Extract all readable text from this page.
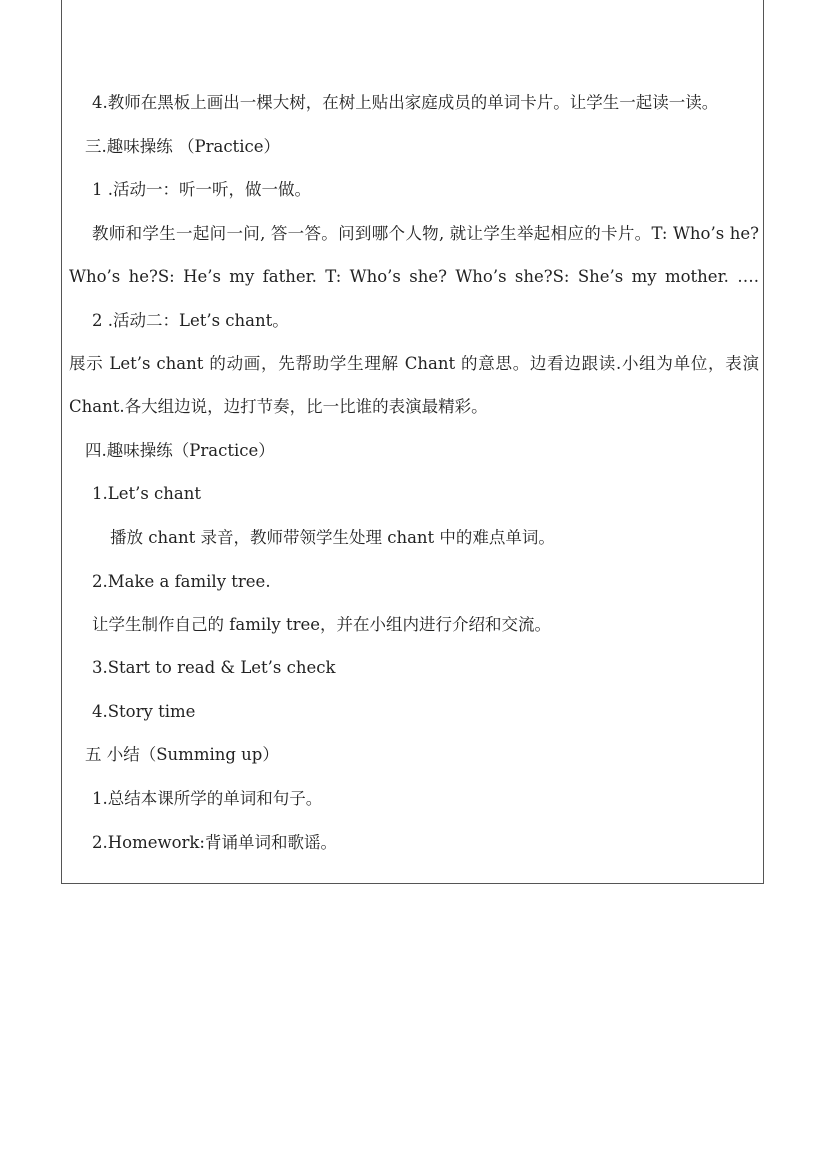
4.教师在黑板上画出一棵大树，在树上贴出家庭成员的单词卡片。让学生一起读一读。
三.趣味操练 （Practice）
1 .活动一：听一听，做一做。
教师和学生一起问一问, 答一答。问到哪个人物, 就让学生举起相应的卡片。T: Who’s he?
Who’s he?S: He’s my father. T: Who’s she? Who’s she?S: She’s my mother. ….
2 .活动二：Let’s chant。
展示 Let’s chant 的动画，先帮助学生理解 Chant 的意思。边看边跟读.小组为单位，表演
Chant.各大组边说，边打节奏，比一比谁的表演最精彩。
四.趣味操练（Practice）
1.Let’s chant
播放 chant 录音，教师带领学生处理 chant 中的难点单词。
2.Make a family tree.
让学生制作自己的 family tree，并在小组内进行介绍和交流。
3.Start to read & Let’s check
4.Story time
五 小结（Summing up）
1.总结本课所学的单词和句子。
2.Homework:背诵单词和歌谣。
